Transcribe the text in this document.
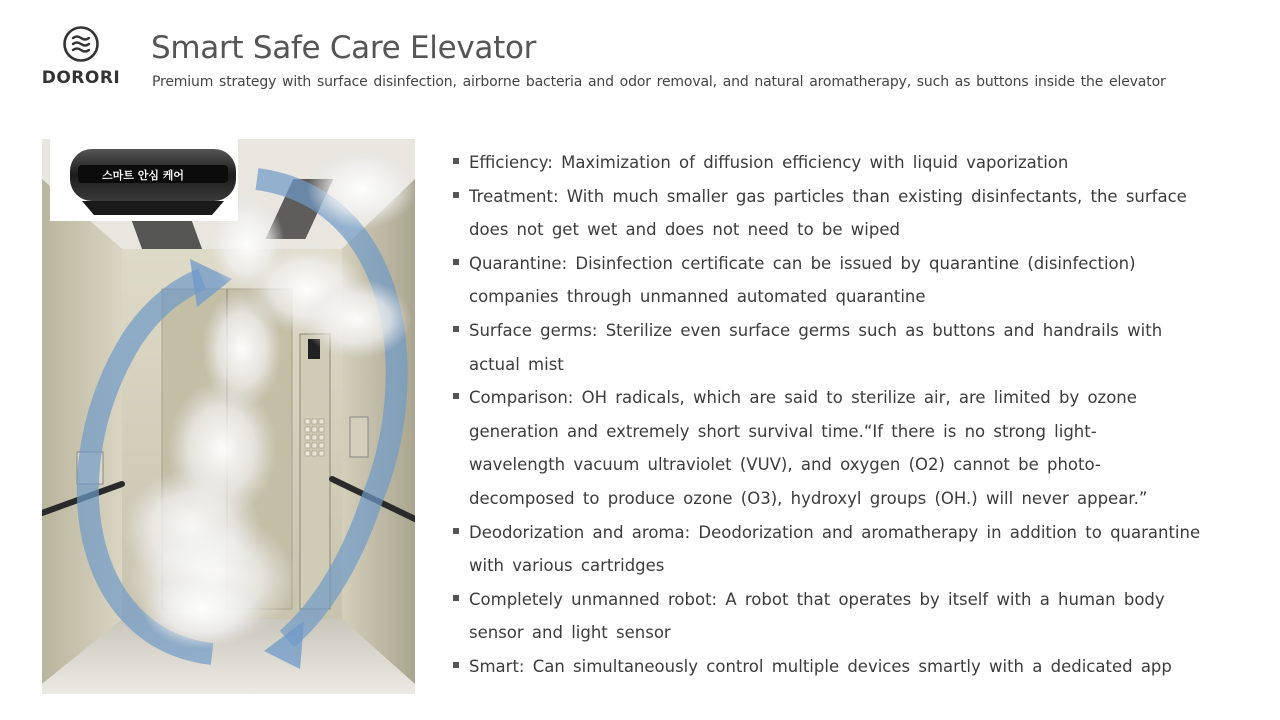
DORORI
Smart Safe Care Elevator

Premium strategy with surface disinfection, airborne bacteria and odor removal, and natural aromatherapy, such as buttons inside the elevator

스마트 안심 케어
Efficiency: Maximization of diffusion efficiency with liquid vaporization
Treatment: With much smaller gas particles than existing disinfectants, the surface does not get wet and does not need to be wiped
Quarantine: Disinfection certificate can be issued by quarantine (disinfection) companies through unmanned automated quarantine
Surface germs: Sterilize even surface germs such as buttons and handrails with actual mist
Comparison: OH radicals, which are said to sterilize air, are limited by ozone generation and extremely short survival time.“If there is no strong light-wavelength vacuum ultraviolet (VUV), and oxygen (O2) cannot be photo-decomposed to produce ozone (O3), hydroxyl groups (OH.) will never appear.”
Deodorization and aroma: Deodorization and aromatherapy in addition to quarantine with various cartridges
Completely unmanned robot: A robot that operates by itself with a human body sensor and light sensor
Smart: Can simultaneously control multiple devices smartly with a dedicated app
